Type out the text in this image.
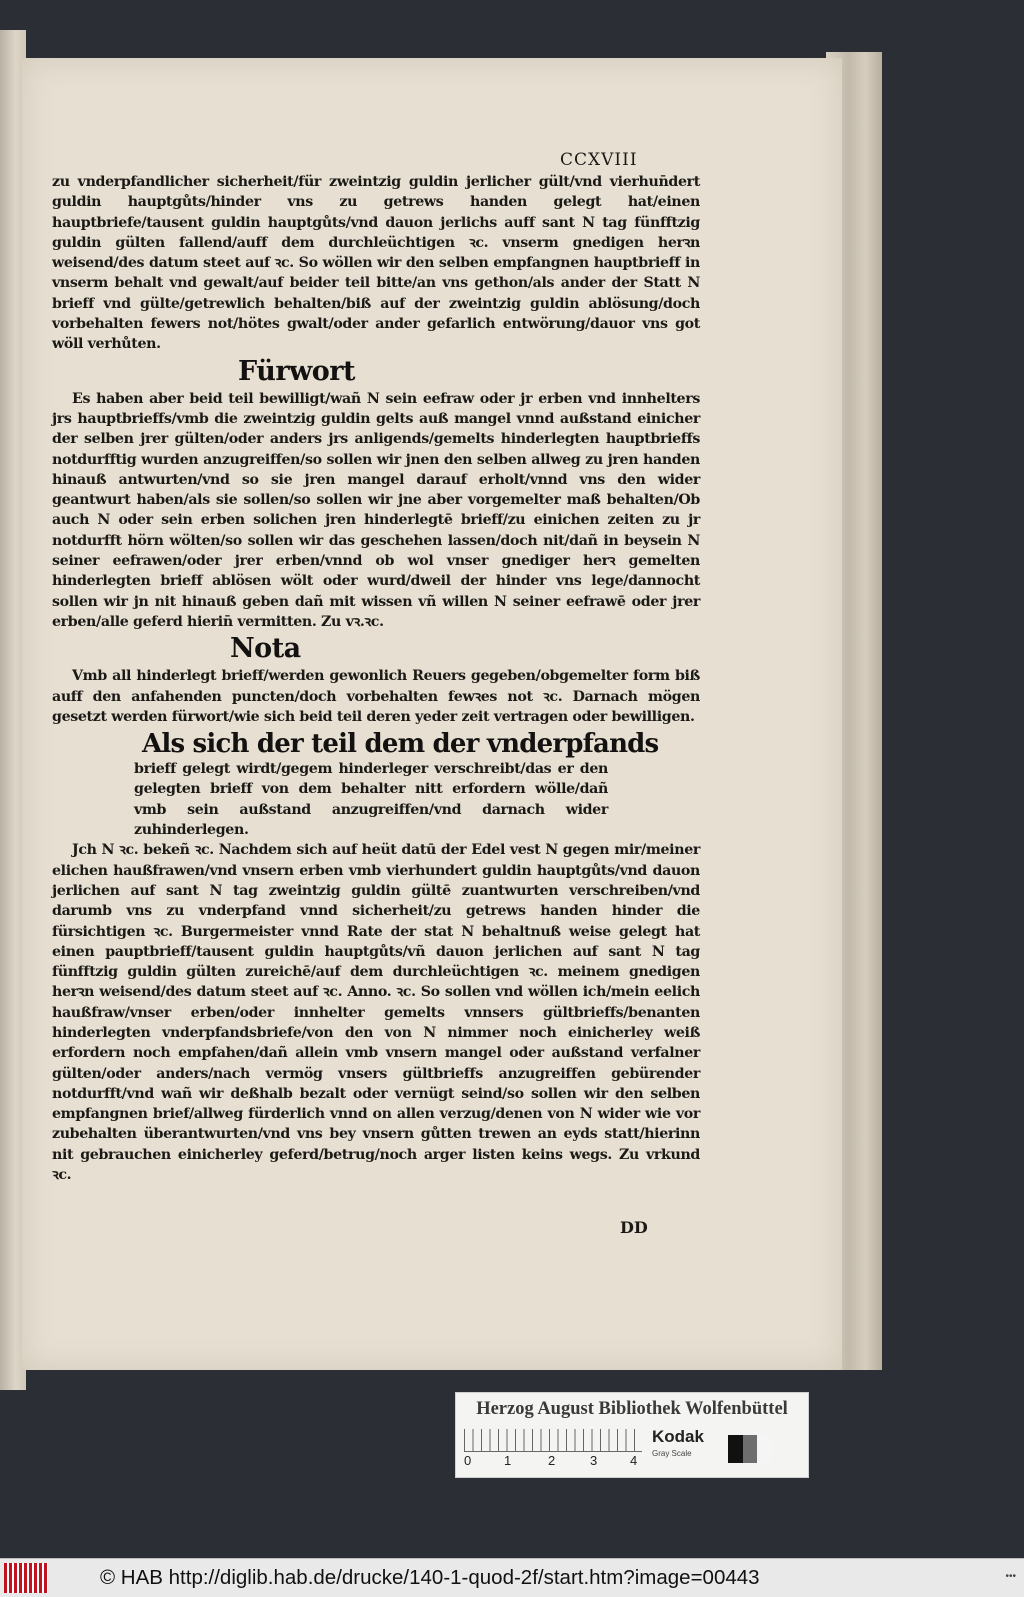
CCXVIII

zu vnderpfandlicher sicherheit/für zweintzig guldin jerlicher gült/vnd vierhun̄dert guldin hauptgůts/hinder vns zu getrews handen gelegt hat/einen hauptbriefe/tausent guldin hauptgůts/vnd dauon jerlichs auff sant N tag fünfftzig guldin gülten fallend/auff dem durchleüchtigen ꝛc. vnserm gnedigen herꝛn weisend/des datum steet auf ꝛc. So wöllen wir den selben empfangnen hauptbrieff in vnserm behalt vnd gewalt/auf beider teil bitte/an vns gethon/als ander der Statt N brieff vnd gülte/getrewlich behalten/biß auf der zweintzig guldin ablösung/doch vorbehalten fewers not/hötes gwalt/oder ander gefarlich entwörung/dauor vns got wöll verhůten.

Fürwort

Es haben aber beid teil bewilligt/wañ N sein eefraw oder jr erben vnd innhelters jrs hauptbrieffs/vmb die zweintzig guldin gelts auß mangel vnnd außstand einicher der selben jrer gülten/oder anders jrs anligends/gemelts hinderlegten hauptbrieffs notdurfftig wurden anzugreiffen/so sollen wir jnen den selben allweg zu jren handen hinauß antwurten/vnd so sie jren mangel darauf erholt/vnnd vns den wider geantwurt haben/als sie sollen/so sollen wir jne aber vorgemelter maß behalten/Ob auch N oder sein erben solichen jren hinderlegtē brieff/zu einichen zeiten zu jr notdurfft hörn wölten/so sollen wir das geschehen lassen/doch nit/dañ in beysein N seiner eefrawen/oder jrer erben/vnnd ob wol vnser gnediger herꝛ gemelten hinderlegten brieff ablösen wölt oder wurd/dweil der hinder vns lege/dannocht sollen wir jn nit hinauß geben dañ mit wissen vñ willen N seiner eefrawē oder jrer erben/alle geferd hierin̄ vermitten. Zu vꝛ.ꝛc.

Nota

Vmb all hinderlegt brieff/werden gewonlich Reuers gegeben/obgemelter form biß auff den anfahenden puncten/doch vorbehalten fewꝛes not ꝛc. Darnach mögen gesetzt werden fürwort/wie sich beid teil deren yeder zeit vertragen oder bewilligen.

Als sich der teil dem der vnderpfands

brieff gelegt wirdt/gegem hinderleger verschreibt/das er den gelegten brieff von dem behalter nitt erfordern wölle/dañ vmb sein außstand anzugreiffen/vnd darnach wider zuhinderlegen.

Jch N ꝛc. bekeñ ꝛc. Nachdem sich auf heüt datū der Edel vest N gegen mir/meiner elichen haußfrawen/vnd vnsern erben vmb vierhundert guldin hauptgůts/vnd dauon jerlichen auf sant N tag zweintzig guldin gültē zuantwurten verschreiben/vnd darumb vns zu vnderpfand vnnd sicherheit/zu getrews handen hinder die fürsichtigen ꝛc. Burgermeister vnnd Rate der stat N behaltnuß weise gelegt hat einen pauptbrieff/tausent guldin hauptgůts/vñ dauon jerlichen auf sant N tag fünfftzig guldin gülten zureichē/auf dem durchleüchtigen ꝛc. meinem gnedigen herꝛn weisend/des datum steet auf ꝛc. Anno. ꝛc. So sollen vnd wöllen ich/mein eelich haußfraw/vnser erben/oder innhelter gemelts vnnsers gültbrieffs/benanten hinderlegten vnderpfandsbriefe/von den von N nimmer noch einicherley weiß erfordern noch empfahen/dañ allein vmb vnsern mangel oder außstand verfalner gülten/oder anders/nach vermög vnsers gültbrieffs anzugreiffen gebürender notdurfft/vnd wañ wir deßhalb bezalt oder vernügt seind/so sollen wir den selben empfangnen brief/allweg fürderlich vnnd on allen verzug/denen von N wider wie vor zubehalten überantwurten/vnd vns bey vnsern gůtten trewen an eyds statt/hierinn nit gebrauchen einicherley geferd/betrug/noch arger listen keins wegs. Zu vrkund ꝛc.

DD
Herzog August Bibliothek Wolfenbüttel
0	1	2	3	4
Kodak
Gray Scale
© HAB http://diglib.hab.de/drucke/140-1-quod-2f/start.htm?image=00443	•••
